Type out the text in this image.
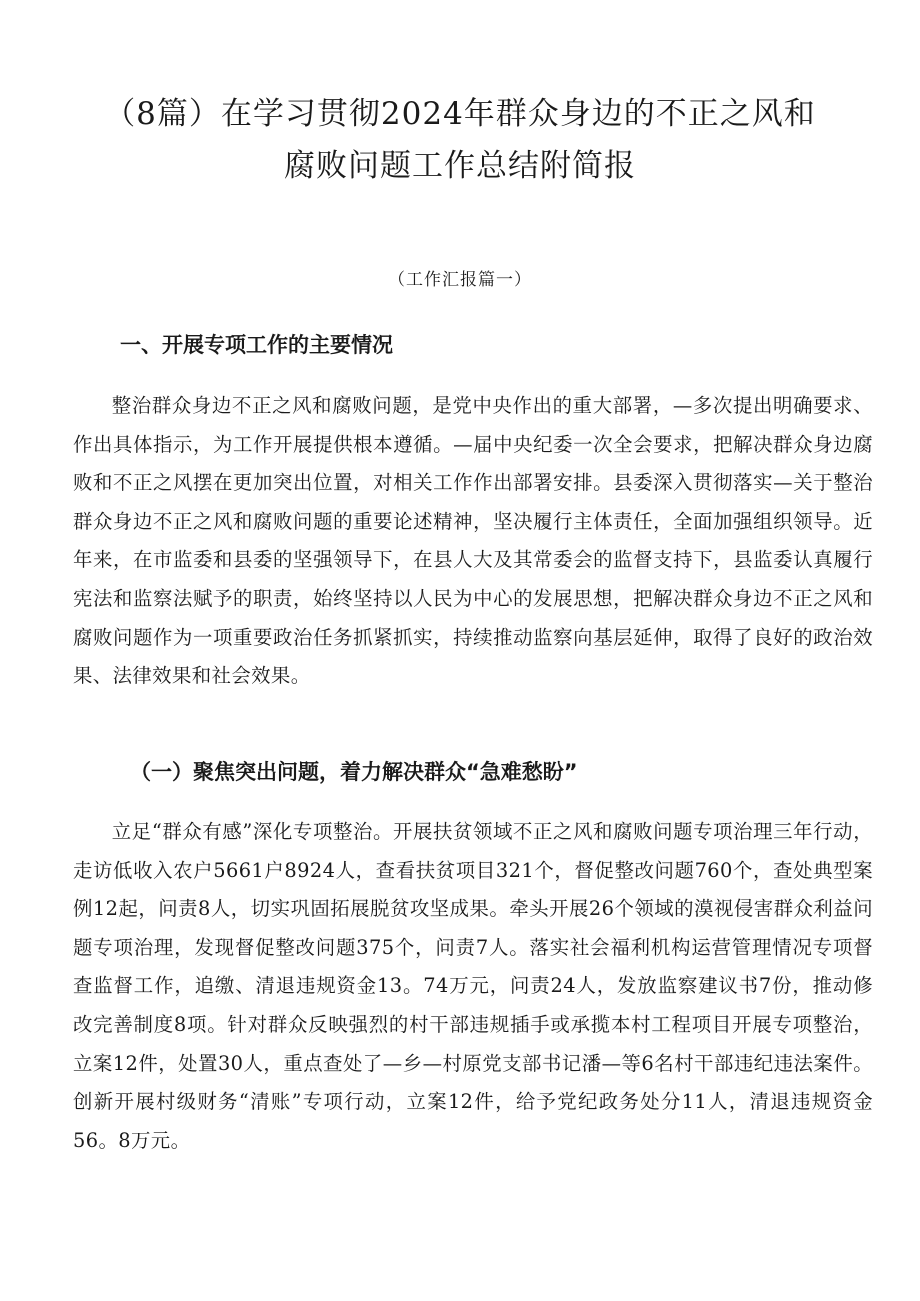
（8篇）在学习贯彻2024年群众身边的不正之风和
腐败问题工作总结附简报

（工作汇报篇一）

一、开展专项工作的主要情况

整治群众身边不正之风和腐败问题，是党中央作出的重大部署，—多次提出明确要求、作出具体指示，为工作开展提供根本遵循。—届中央纪委一次全会要求，把解决群众身边腐败和不正之风摆在更加突出位置，对相关工作作出部署安排。县委深入贯彻落实—关于整治群众身边不正之风和腐败问题的重要论述精神，坚决履行主体责任，全面加强组织领导。近年来，在市监委和县委的坚强领导下，在县人大及其常委会的监督支持下，县监委认真履行宪法和监察法赋予的职责，始终坚持以人民为中心的发展思想，把解决群众身边不正之风和腐败问题作为一项重要政治任务抓紧抓实，持续推动监察向基层延伸，取得了良好的政治效果、法律效果和社会效果。

（一）聚焦突出问题，着力解决群众“急难愁盼”

立足“群众有感”深化专项整治。开展扶贫领域不正之风和腐败问题专项治理三年行动，走访低收入农户5661户8924人，查看扶贫项目321个，督促整改问题760个，查处典型案例12起，问责8人，切实巩固拓展脱贫攻坚成果。牵头开展26个领域的漠视侵害群众利益问题专项治理，发现督促整改问题375个，问责7人。落实社会福利机构运营管理情况专项督查监督工作，追缴、清退违规资金13。74万元，问责24人，发放监察建议书7份，推动修改完善制度8项。针对群众反映强烈的村干部违规插手或承揽本村工程项目开展专项整治，立案12件，处置30人，重点查处了—乡—村原党支部书记潘—等6名村干部违纪违法案件。创新开展村级财务“清账”专项行动，立案12件，给予党纪政务处分11人，清退违规资金56。8万元。
